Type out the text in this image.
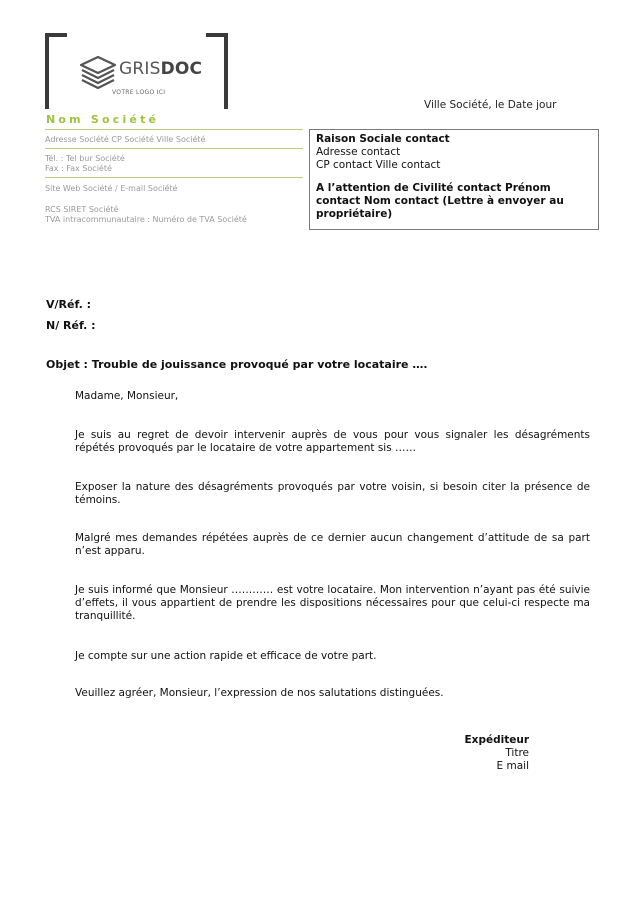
GRISDOC
VOTRE LOGO ICI
Nom Société
Ville Société, le Date jour
Adresse Société CP Société Ville Société
Tél. : Tel bur Société
Fax : Fax Société
Site Web Société / E-mail Société
RCS SIRET Société
TVA intracommunautaire : Numéro de TVA Société
Raison Sociale contact
Adresse contact
CP contact Ville contact
A l’attention de Civilité contact Prénom
contact Nom contact (Lettre à envoyer au
propriétaire)
V/Réf. :
N/ Réf. :
Objet : Trouble de jouissance provoqué par votre locataire ….
Madame, Monsieur,
Je suis au regret de devoir intervenir auprès de vous pour vous signaler les désagréments répétés provoqués par le locataire de votre appartement sis ……
Exposer la nature des désagréments provoqués par votre voisin, si besoin citer la présence de témoins.
Malgré mes demandes répétées auprès de ce dernier aucun changement d’attitude de sa part n’est apparu.
Je suis informé que Monsieur ………… est votre locataire. Mon intervention n’ayant pas été suivie d’effets, il vous appartient de prendre les dispositions nécessaires pour que celui-ci respecte ma tranquillité.
Je compte sur une action rapide et efficace de votre part.
Veuillez agréer, Monsieur, l’expression de nos salutations distinguées.
Expéditeur
Titre
E mail
